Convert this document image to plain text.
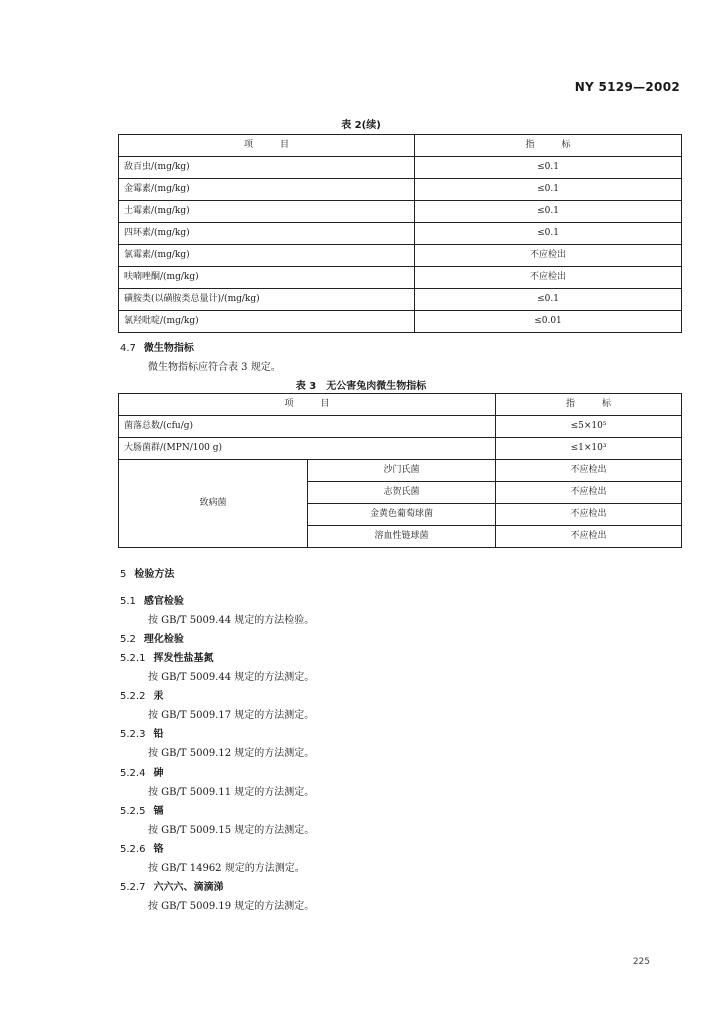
NY 5129—2002
表 2(续)
项　　　目	指　　　标
敌百虫/(mg/kg)	≤0.1
金霉素/(mg/kg)	≤0.1
土霉素/(mg/kg)	≤0.1
四环素/(mg/kg)	≤0.1
氯霉素/(mg/kg)	不应检出
呋喃唑酮/(mg/kg)	不应检出
磺胺类(以磺胺类总量计)/(mg/kg)	≤0.1
氯羟吡啶/(mg/kg)	≤0.01
4.7 微生物指标
微生物指标应符合表 3 规定。
表 3　无公害兔肉微生物指标
项　　　目		指　　　标
菌落总数/(cfu/g)		≤5×10⁵
大肠菌群/(MPN/100 g)		≤1×10³
致病菌	沙门氏菌	不应检出
	志贺氏菌	不应检出
	金黄色葡萄球菌	不应检出
	溶血性链球菌	不应检出
5 检验方法
5.1 感官检验
按 GB/T 5009.44 规定的方法检验。
5.2 理化检验
5.2.1 挥发性盐基氮
按 GB/T 5009.44 规定的方法测定。
5.2.2 汞
按 GB/T 5009.17 规定的方法测定。
5.2.3 铅
按 GB/T 5009.12 规定的方法测定。
5.2.4 砷
按 GB/T 5009.11 规定的方法测定。
5.2.5 镉
按 GB/T 5009.15 规定的方法测定。
5.2.6 铬
按 GB/T 14962 规定的方法测定。
5.2.7 六六六、滴滴涕
按 GB/T 5009.19 规定的方法测定。
225
